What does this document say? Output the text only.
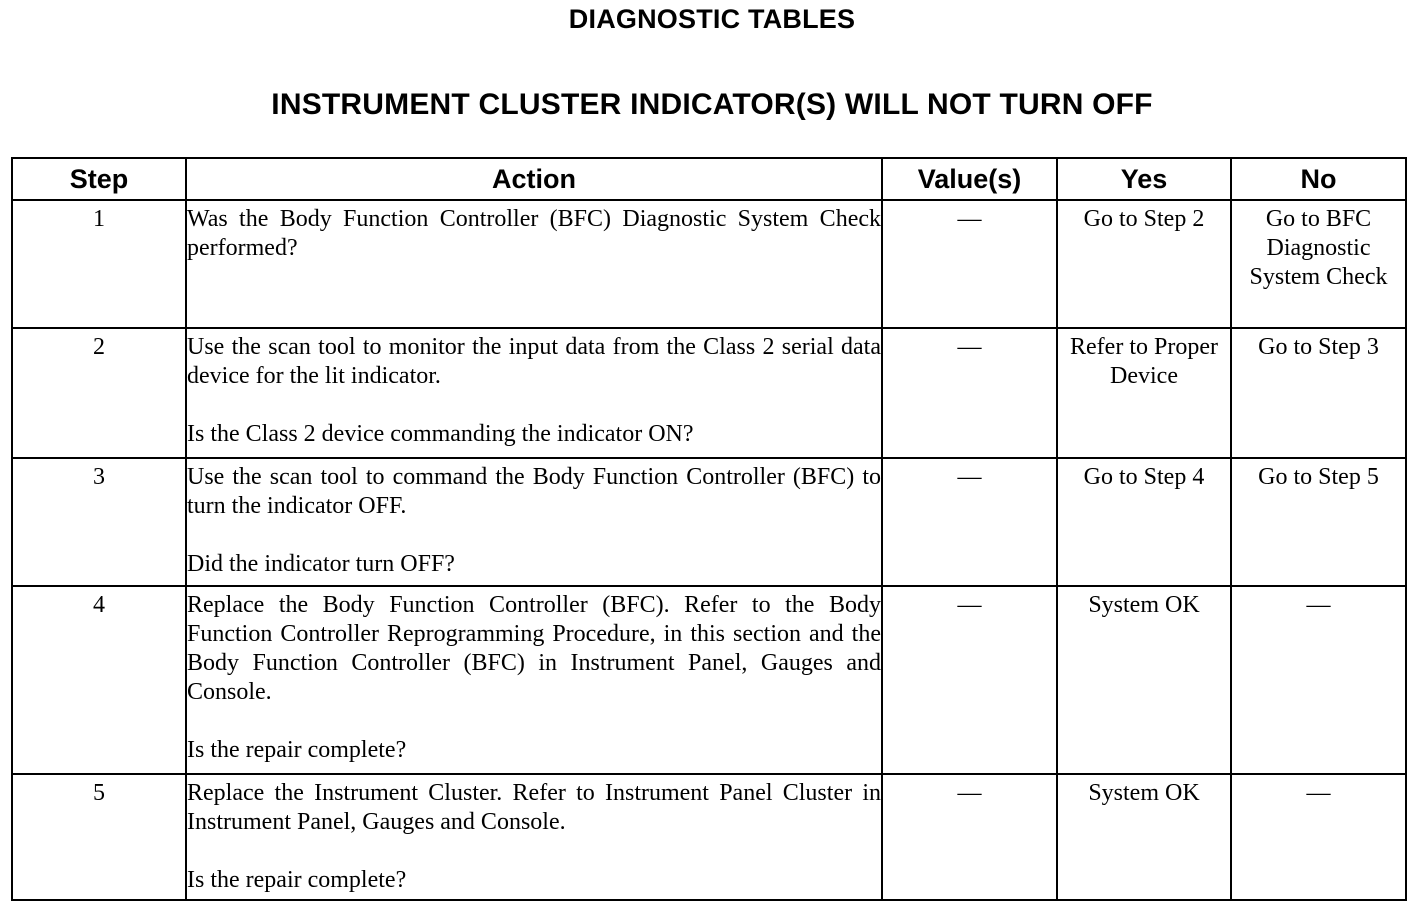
DIAGNOSTIC TABLES
INSTRUMENT CLUSTER INDICATOR(S) WILL NOT TURN OFF
Step	Action	Value(s)	Yes	No
1	Was the Body Function Controller (BFC) Diagnostic System Check performed?	—	Go to Step 2	Go to BFC Diagnostic System Check
2	Use the scan tool to monitor the input data from the Class 2 serial data device for the lit indicator.

Is the Class 2 device commanding the indicator ON?	—	Refer to Proper Device	Go to Step 3
3	Use the scan tool to command the Body Function Controller (BFC) to turn the indicator OFF.

Did the indicator turn OFF?	—	Go to Step 4	Go to Step 5
4	Replace the Body Function Controller (BFC). Refer to the Body Function Controller Reprogramming Procedure, in this section and the Body Function Controller (BFC) in Instrument Panel, Gauges and Console.

Is the repair complete?	—	System OK	—
5	Replace the Instrument Cluster. Refer to Instrument Panel Cluster in Instrument Panel, Gauges and Console.

Is the repair complete?	—	System OK	—
